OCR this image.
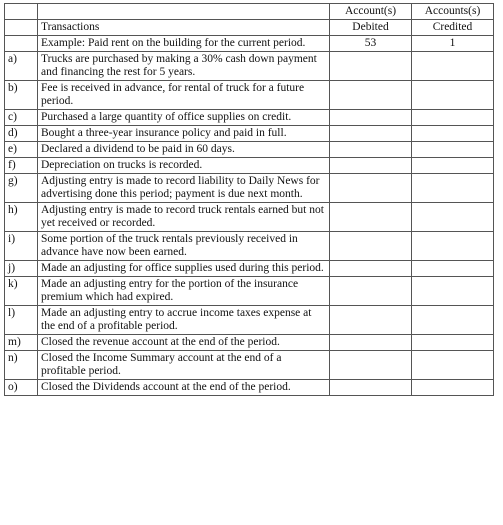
		Account(s)	Accounts(s)
	Transactions	Debited	Credited
	Example: Paid rent on the building for the current period.	53	1
a)	Trucks are purchased by making a 30% cash down payment and financing the rest for 5 years.		
b)	Fee is received in advance, for rental of truck for a future period.		
c)	Purchased a large quantity of office supplies on credit.		
d)	Bought a three-year insurance policy and paid in full.		
e)	Declared a dividend to be paid in 60 days.		
f)	Depreciation on trucks is recorded.		
g)	Adjusting entry is made to record liability to Daily News for advertising done this period; payment is due next month.		
h)	Adjusting entry is made to record truck rentals earned but not yet received or recorded.		
i)	Some portion of the truck rentals previously received in advance have now been earned.		
j)	Made an adjusting for office supplies used during this period.		
k)	Made an adjusting entry for the portion of the insurance premium which had expired.		
l)	Made an adjusting entry to accrue income taxes expense at the end of a profitable period.		
m)	Closed the revenue account at the end of the period.		
n)	Closed the Income Summary account at the end of a profitable period.		
o)	Closed the Dividends account at the end of the period.		
